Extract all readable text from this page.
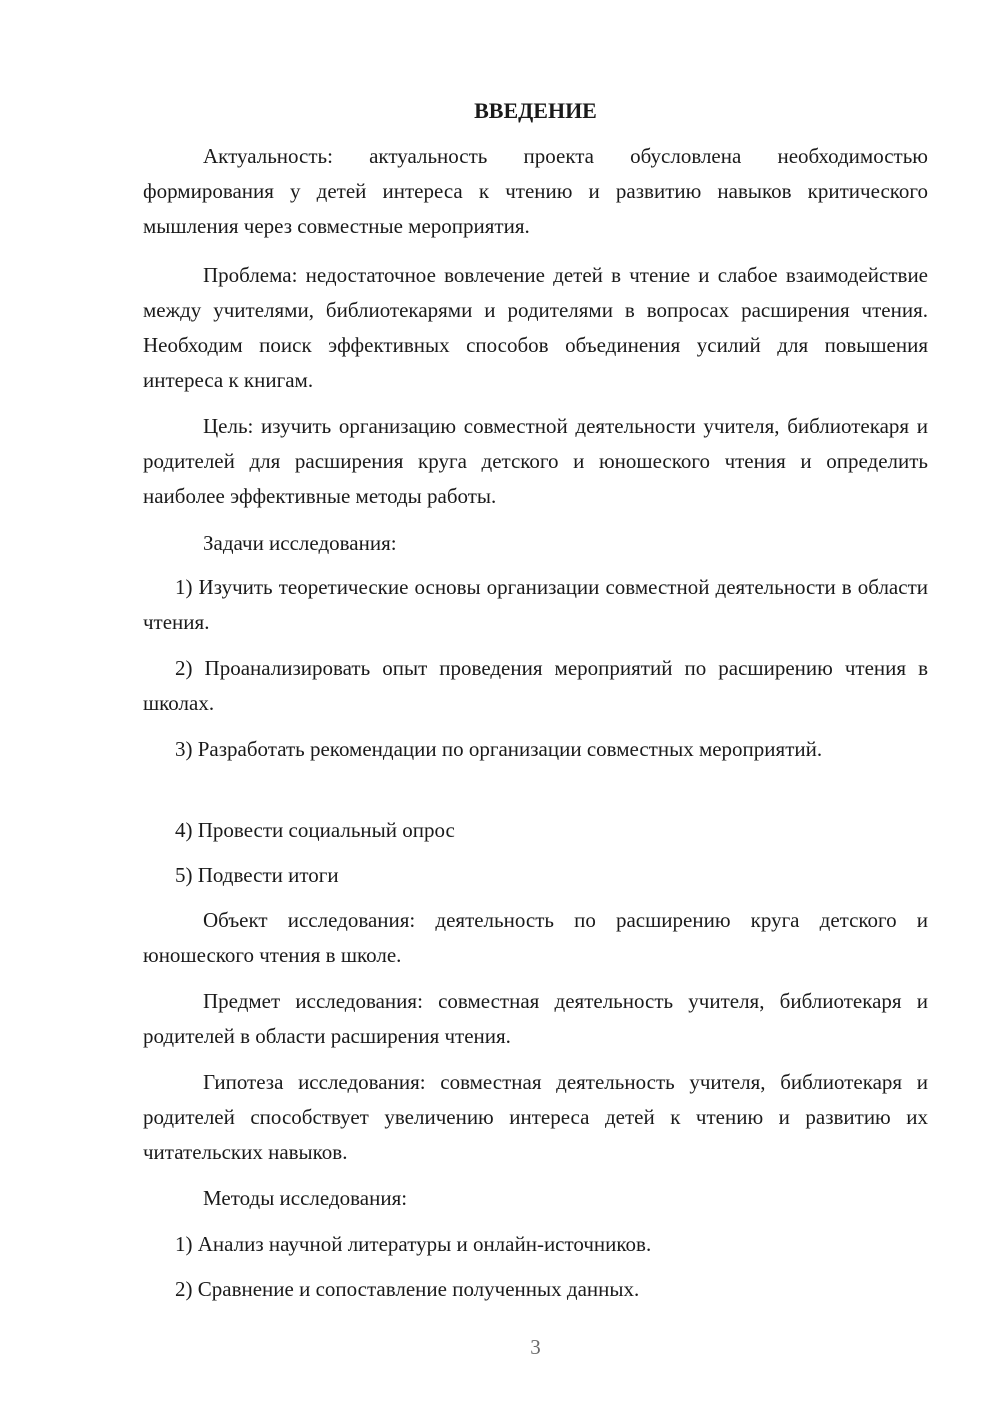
ВВЕДЕНИЕ

Актуальность: актуальность проекта обусловлена необходимостью формирования у детей интереса к чтению и развитию навыков критического мышления через совместные мероприятия.

Проблема: недостаточное вовлечение детей в чтение и слабое взаимодействие между учителями, библиотекарями и родителями в вопросах расширения чтения. Необходим поиск эффективных способов объединения усилий для повышения интереса к книгам.

Цель: изучить организацию совместной деятельности учителя, библиотекаря и родителей для расширения круга детского и юношеского чтения и определить наиболее эффективные методы работы.

Задачи исследования:

1) Изучить теоретические основы организации совместной деятельности в области чтения.

2) Проанализировать опыт проведения мероприятий по расширению чтения в школах.

3) Разработать рекомендации по организации совместных мероприятий.

4) Провести социальный опрос

5) Подвести итоги

Объект исследования: деятельность по расширению круга детского и юношеского чтения в школе.

Предмет исследования: совместная деятельность учителя, библиотекаря и родителей в области расширения чтения.

Гипотеза исследования: совместная деятельность учителя, библиотекаря и родителей способствует увеличению интереса детей к чтению и развитию их читательских навыков.

Методы исследования:

1) Анализ научной литературы и онлайн-источников.

2) Сравнение и сопоставление полученных данных.

3
